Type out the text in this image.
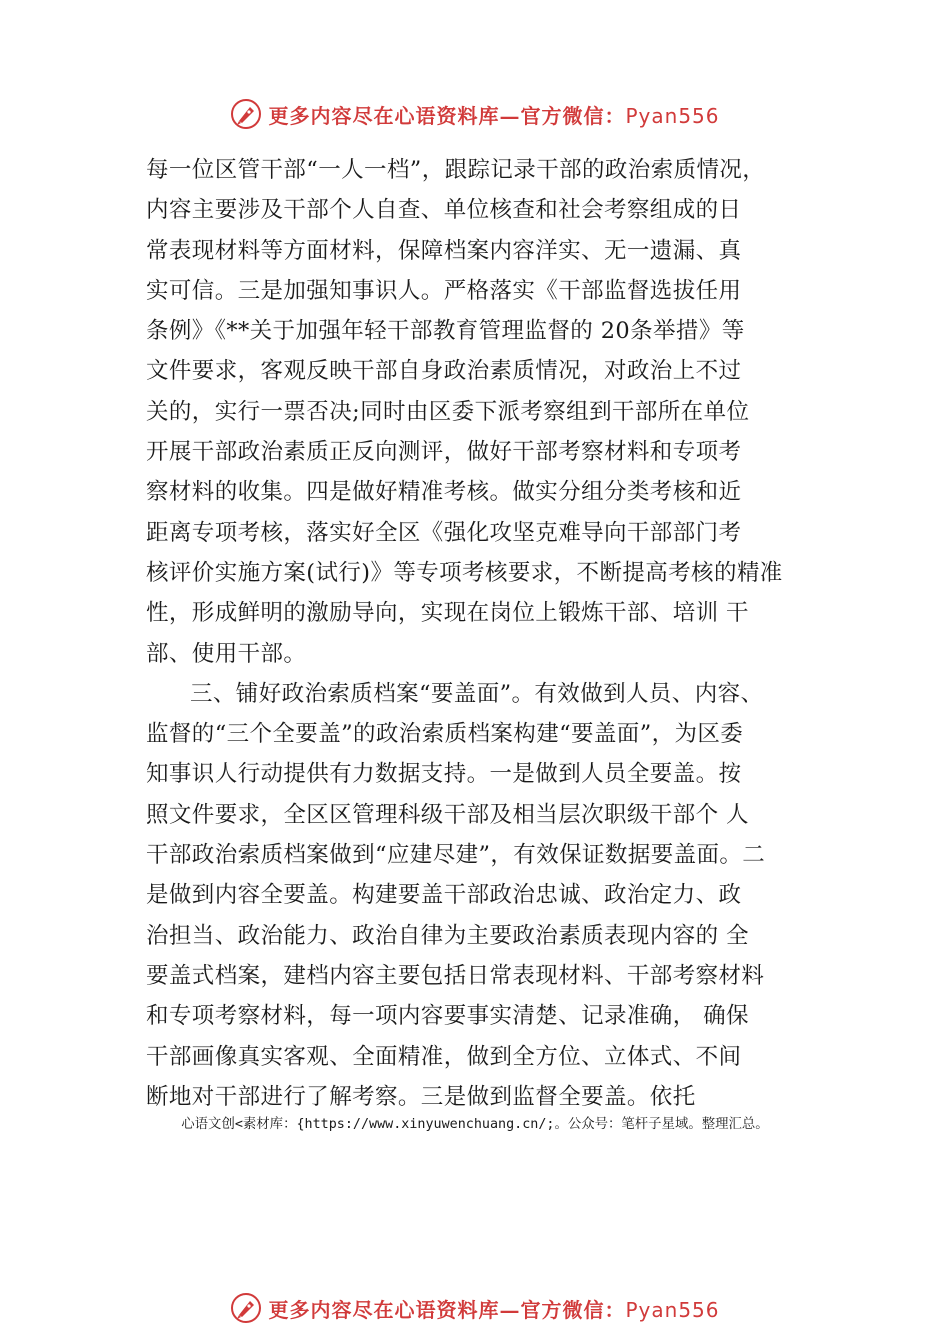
更多内容尽在心语资料库—官方微信：Pyan556
每一位区管干部“一人一档”，跟踪记录干部的政治索质情况，
内容主要涉及干部个人自查、单位核查和社会考察组成的日
常表现材料等方面材料，保障档案内容洋实、无一遗漏、真
实可信。三是加强知事识人。严格落实《干部监督选拔任用
条例》《**关于加强年轻干部教育管理监督的 20条举措》等
文件要求，客观反映干部自身政治素质情况，对政治上不过
关的，实行一票否决;同时由区委下派考察组到干部所在单位
开展干部政治素质正反向测评，做好干部考察材料和专项考
察材料的收集。四是做好精准考核。做实分组分类考核和近
距离专项考核，落实好全区《强化攻坚克难导向干部部门考
核评价实施方案(试行)》等专项考核要求，不断提高考核的精准
性，形成鲜明的激励导向，实现在岗位上锻炼干部、培训 干
部、使用干部。
三、铺好政治索质档案“要盖面”。有效做到人员、内容、
监督的“三个全要盖”的政治索质档案构建“要盖面”，为区委
知事识人行动提供有力数据支持。一是做到人员全要盖。按
照文件要求，全区区管理科级干部及相当层次职级干部个 人
干部政治索质档案做到“应建尽建”，有效保证数据要盖面。二
是做到内容全要盖。构建要盖干部政治忠诚、政治定力、政
治担当、政治能力、政治自律为主要政治素质表现内容的 全
要盖式档案，建档内容主要包括日常表现材料、干部考察材料
和专项考察材料，每一项内容要事实清楚、记录准确， 确保
干部画像真实客观、全面精准，做到全方位、立体式、不间
断地对干部进行了解考察。三是做到监督全要盖。依托
心语文创<素材库：{https://www.xinyuwenchuang.cn/;。公众号：笔杆子星域。整理汇总。
更多内容尽在心语资料库—官方微信：Pyan556
